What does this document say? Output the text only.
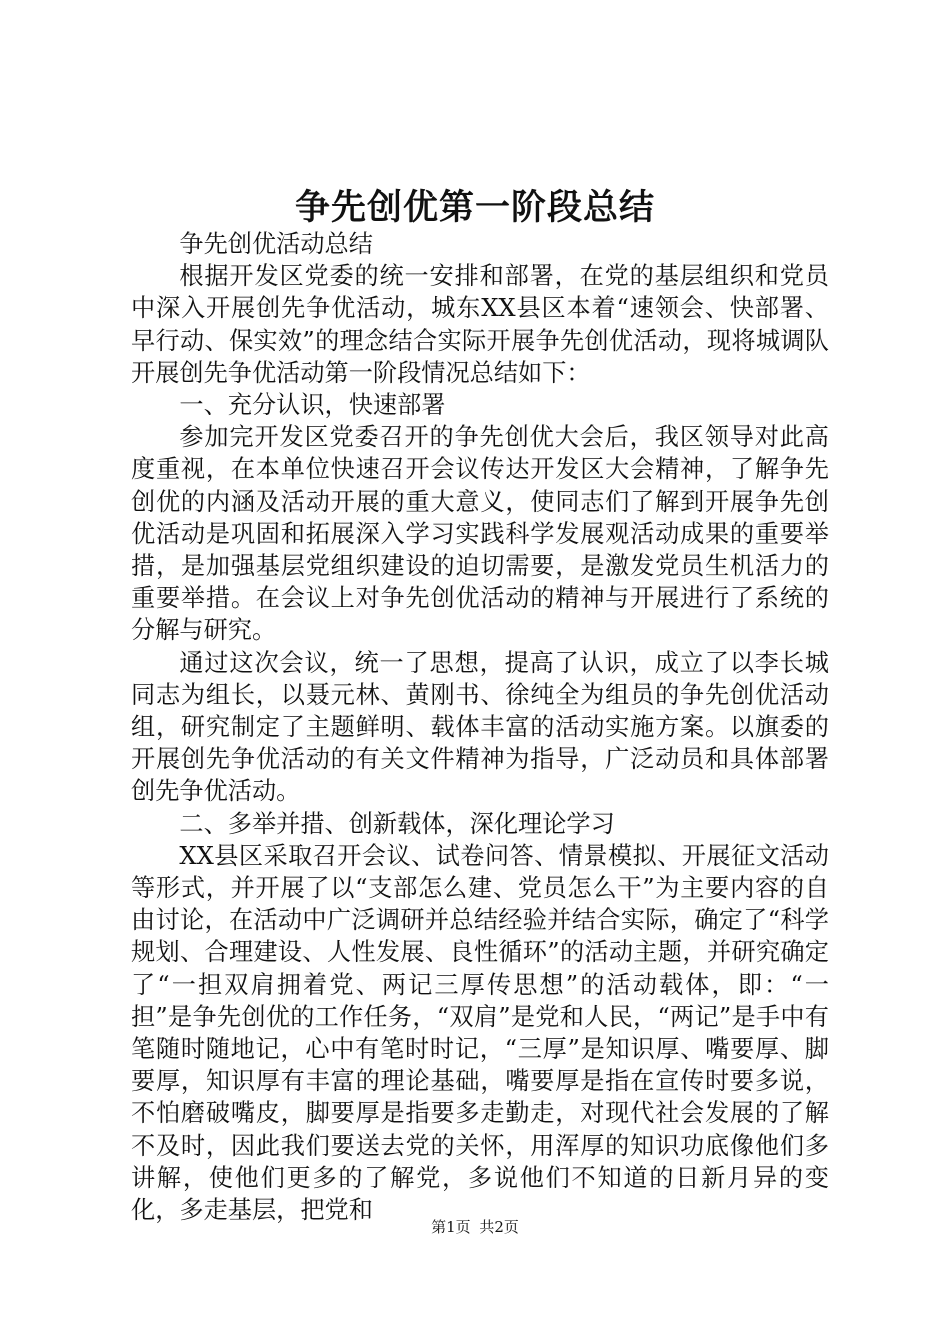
争先创优第一阶段总结

争先创优活动总结

根据开发区党委的统一安排和部署，在党的基层组织和党员中深入开展创先争优活动，城东XX县区本着“速领会、快部署、早行动、保实效”的理念结合实际开展争先创优活动，现将城调队开展创先争优活动第一阶段情况总结如下：

一、充分认识，快速部署

参加完开发区党委召开的争先创优大会后，我区领导对此高度重视，在本单位快速召开会议传达开发区大会精神，了解争先创优的内涵及活动开展的重大意义，使同志们了解到开展争先创优活动是巩固和拓展深入学习实践科学发展观活动成果的重要举措，是加强基层党组织建设的迫切需要，是激发党员生机活力的重要举措。在会议上对争先创优活动的精神与开展进行了系统的分解与研究。

通过这次会议，统一了思想，提高了认识，成立了以李长城同志为组长，以聂元林、黄刚书、徐纯全为组员的争先创优活动组，研究制定了主题鲜明、载体丰富的活动实施方案。以旗委的开展创先争优活动的有关文件精神为指导，广泛动员和具体部署创先争优活动。

二、多举并措、创新载体，深化理论学习

XX县区采取召开会议、试卷问答、情景模拟、开展征文活动等形式，并开展了以“支部怎么建、党员怎么干”为主要内容的自由讨论，在活动中广泛调研并总结经验并结合实际，确定了“科学规划、合理建设、人性发展、良性循环”的活动主题，并研究确定了“一担双肩拥着党、两记三厚传思想”的活动载体，即：“一担”是争先创优的工作任务，“双肩”是党和人民，“两记”是手中有笔随时随地记，心中有笔时时记，“三厚”是知识厚、嘴要厚、脚要厚，知识厚有丰富的理论基础，嘴要厚是指在宣传时要多说，不怕磨破嘴皮，脚要厚是指要多走勤走，对现代社会发展的了解不及时，因此我们要送去党的关怀，用浑厚的知识功底像他们多讲解，使他们更多的了解党，多说他们不知道的日新月异的变化，多走基层，把党和

第1页 共2页
